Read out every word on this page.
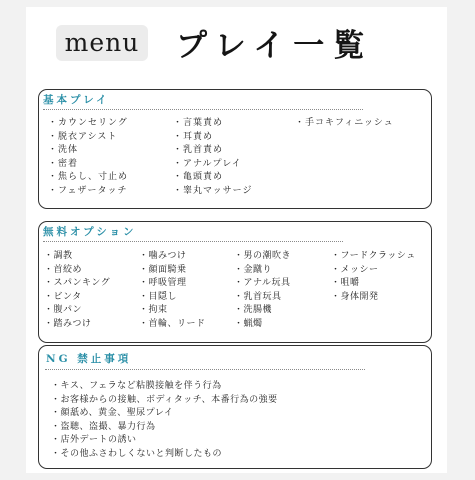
menu プレイ一覧
基本プレイ
・カウンセリング
・脱衣アシスト
・洗体
・密着
・焦らし、寸止め
・フェザータッチ
・言葉責め
・耳責め
・乳首責め
・アナルプレイ
・亀頭責め
・睾丸マッサージ
・手コキフィニッシュ
無料オプション
・調教
・首絞め
・スパンキング
・ビンタ
・腹パン
・踏みつけ
・噛みつけ
・顔面騎乗
・呼吸管理
・目隠し
・拘束
・首輪、リード
・男の潮吹き
・金蹴り
・アナル玩具
・乳首玩具
・洗腸機
・蝋燭
・フードクラッシュ
・メッシー
・咀嚼
・身体開発
NG 禁止事項
・キス、フェラなど粘膜接触を伴う行為
・お客様からの接触、ボディタッチ、本番行為の強要
・顔舐め、黄金、聖尿プレイ
・盗聴、盗撮、暴力行為
・店外デートの誘い
・その他ふさわしくないと判断したもの
